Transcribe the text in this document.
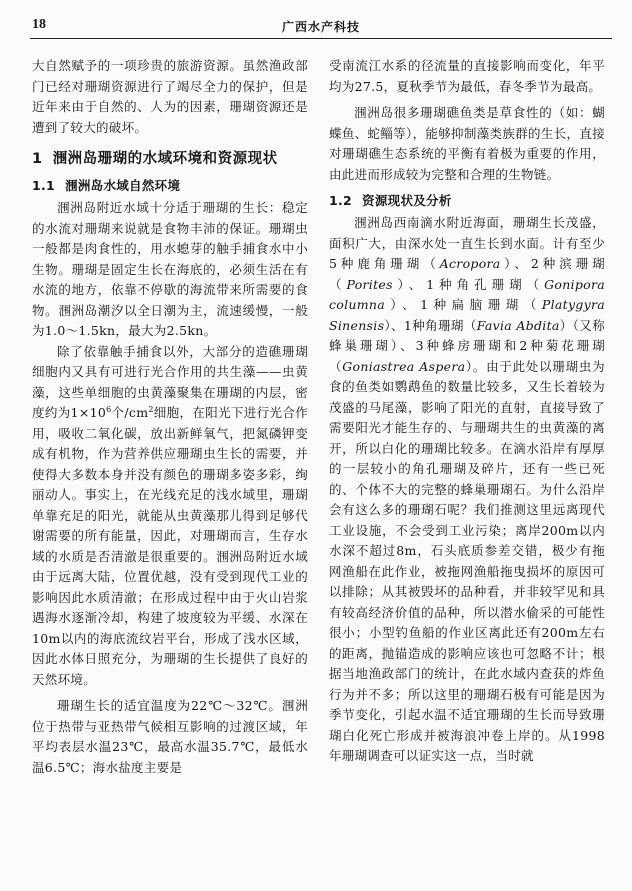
18	广西水产科技

大自然赋予的一项珍贵的旅游资源。虽然渔政部门已经对珊瑚资源进行了竭尽全力的保护，但是近年来由于自然的、人为的因素，珊瑚资源还是遭到了较大的破坏。

1 涠洲岛珊瑚的水域环境和资源现状
1.1 涠洲岛水域自然环境

涠洲岛附近水域十分适于珊瑚的生长：稳定的水流对珊瑚来说就是食物丰沛的保证。珊瑚虫一般都是肉食性的，用水螅芽的触手捕食水中小生物。珊瑚是固定生长在海底的，必须生活在有水流的地方，依靠不停歇的海流带来所需要的食物。涠洲岛潮汐以全日潮为主，流速缓慢，一般为1.0～1.5kn，最大为2.5kn。

除了依靠触手捕食以外，大部分的造礁珊瑚细胞内又具有可进行光合作用的共生藻——虫黄藻，这些单细胞的虫黄藻聚集在珊瑚的内层，密度约为$1\times 10^6$个$/cm^2$细胞，在阳光下进行光合作用，吸收二氧化碳，放出新鲜氧气，把氮磷钾变成有机物，作为营养供应珊瑚虫生长的需要，并使得大多数本身并没有颜色的珊瑚多姿多彩，绚丽动人。事实上，在光线充足的浅水域里，珊瑚单靠充足的阳光，就能从虫黄藻那儿得到足够代谢需要的所有能量，因此，对珊瑚而言，生存水域的水质是否清澈是很重要的。涠洲岛附近水域由于远离大陆，位置优越，没有受到现代工业的影响因此水质清澈；在形成过程中由于火山岩浆遇海水逐渐冷却，构建了坡度较为平缓、水深在10m以内的海底流纹岩平台，形成了浅水区域，因此水体日照充分，为珊瑚的生长提供了良好的天然环境。

珊瑚生长的适宜温度为22℃～32℃。涠洲位于热带与亚热带气候相互影响的过渡区域，年平均表层水温23℃，最高水温35.7℃，最低水温6.5℃；海水盐度主要是

受南流江水系的径流量的直接影响而变化，年平均为27.5，夏秋季节为最低，春冬季节为最高。

涠洲岛很多珊瑚礁鱼类是草食性的（如：蝴蝶鱼、蛇鲻等），能够抑制藻类族群的生长，直接对珊瑚礁生态系统的平衡有着极为重要的作用，由此进而形成较为完整和合理的生物链。

1.2 资源现状及分析

涠洲岛西南滴水附近海面，珊瑚生长茂盛，面积广大，由深水处一直生长到水面。计有至少5种鹿角珊瑚（Acropora）、2种滨珊瑚（Porites）、1种角孔珊瑚（Gonipora columna）、1种扁脑珊瑚（Platygyra Sinensis）、1种角珊瑚（Favia Abdita）（又称蜂巢珊瑚）、3种蜂房珊瑚和2种菊花珊瑚（Goniastrea Aspera）。由于此处以珊瑚虫为食的鱼类如鹦鹉鱼的数量比较多，又生长着较为茂盛的马尾藻，影响了阳光的直射，直接导致了需要阳光才能生存的、与珊瑚共生的虫黄藻的离开，所以白化的珊瑚比较多。在滴水沿岸有厚厚的一层较小的角孔珊瑚及碎片，还有一些已死的、个体不大的完整的蜂巢珊瑚石。为什么沿岸会有这么多的珊瑚石呢？我们推测这里远离现代工业设施，不会受到工业污染；离岸200m以内水深不超过8m，石头底质参差交错，极少有拖网渔船在此作业，被拖网渔船拖曳损坏的原因可以排除；从其被毁坏的品种看，并非较罕见和具有较高经济价值的品种，所以潜水偷采的可能性很小；小型钓鱼船的作业区离此还有200m左右的距离，抛锚造成的影响应该也可忽略不计；根据当地渔政部门的统计，在此水域内查获的炸鱼行为并不多；所以这里的珊瑚石极有可能是因为季节变化，引起水温不适宜珊瑚的生长而导致珊瑚白化死亡形成并被海浪冲卷上岸的。从1998年珊瑚调查可以证实这一点，当时就
